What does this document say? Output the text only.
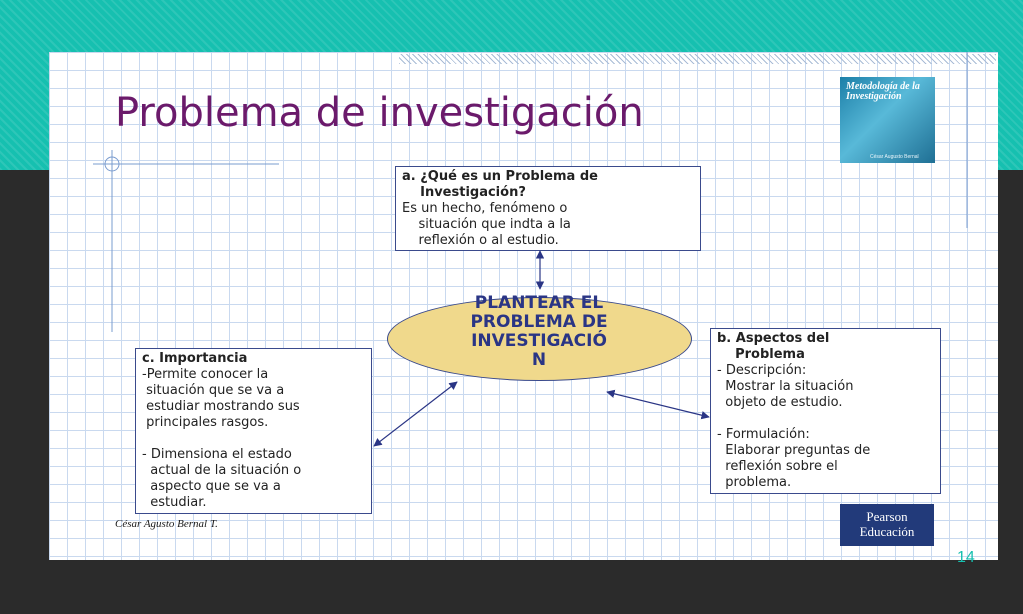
Problema de investigación
Metodología de la Investigación
César Augusto Bernal
a. ¿Qué es un Problema de
Investigación?
Es un hecho, fenómeno o
situación que indta a la
reflexión o al estudio.
PLANTEAR EL
PROBLEMA DE
INVESTIGACIÓ
N
b. Aspectos del
Problema
- Descripción:
Mostrar la situación
objeto de estudio.

- Formulación:
Elaborar preguntas de
reflexión sobre el
problema.
c. Importancia
-Permite conocer la
situación que se va a
estudiar mostrando sus
principales rasgos.

- Dimensiona el estado
actual de la situación o
aspecto que se va a
estudiar.
César Agusto Bernal T.	Pearson Educación
14
